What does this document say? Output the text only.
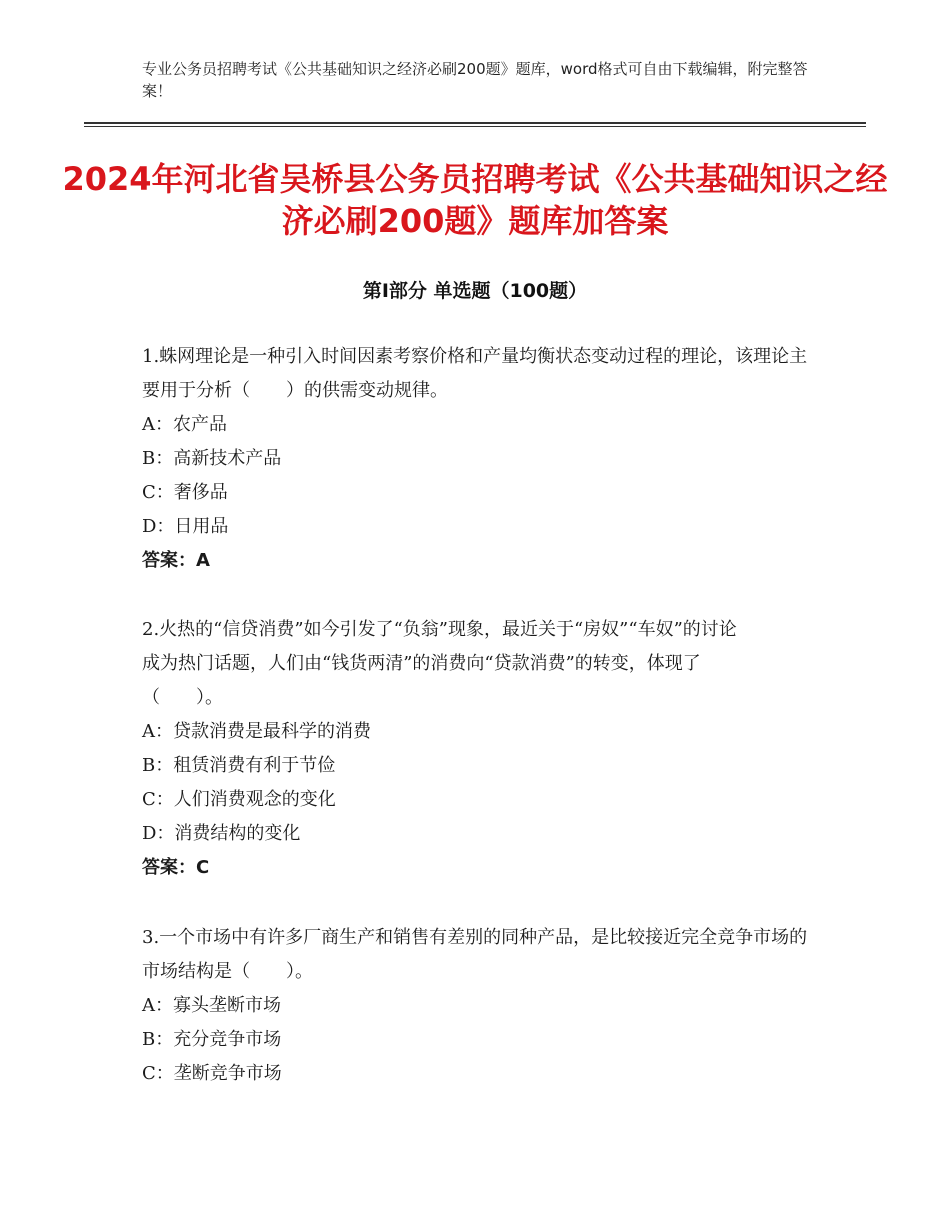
专业公务员招聘考试《公共基础知识之经济必刷200题》题库，word格式可自由下载编辑，附完整答案！
2024年河北省吴桥县公务员招聘考试《公共基础知识之经济必刷200题》题库加答案
第Ⅰ部分 单选题（100题）

1.蛛网理论是一种引入时间因素考察价格和产量均衡状态变动过程的理论，该理论主要用于分析（　　）的供需变动规律。

A：农产品

B：高新技术产品

C：奢侈品

D：日用品

答案：A

2.火热的“信贷消费”如今引发了“负翁”现象，最近关于“房奴”“车奴”的讨论成为热门话题，人们由“钱货两清”的消费向“贷款消费”的转变，体现了（　　）。

A：贷款消费是最科学的消费

B：租赁消费有利于节俭

C：人们消费观念的变化

D：消费结构的变化

答案：C

3.一个市场中有许多厂商生产和销售有差别的同种产品，是比较接近完全竞争市场的市场结构是（　　）。

A：寡头垄断市场

B：充分竞争市场

C：垄断竞争市场
